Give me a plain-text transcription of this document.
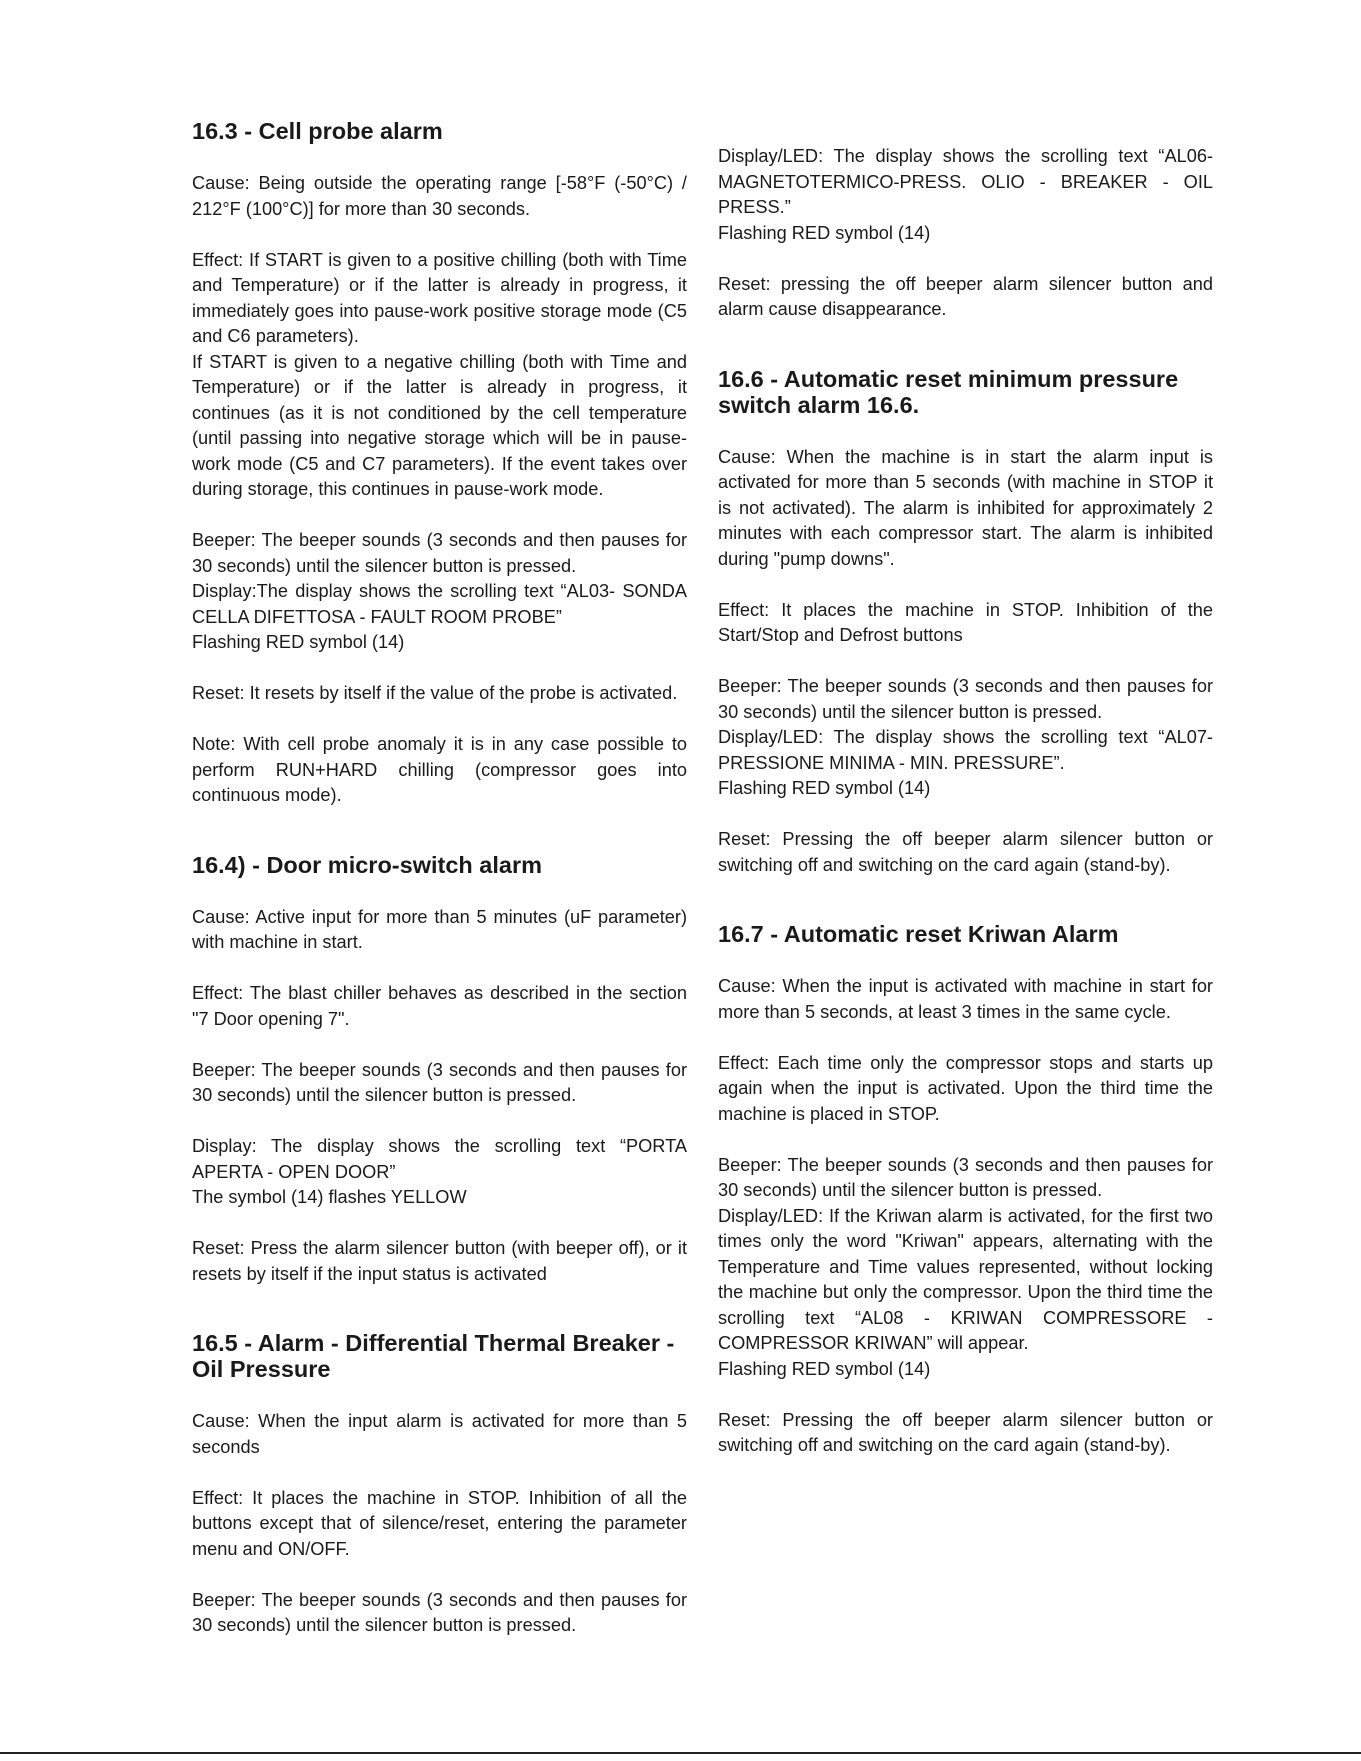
16.3 - Cell probe alarm

Cause: Being outside the operating range [-58°F (-50°C) / 212°F (100°C)] for more than 30 seconds.

Effect: If START is given to a positive chilling (both with Time and Temperature) or if the latter is already in progress, it immediately goes into pause-work positive storage mode (C5 and C6 parameters).

If START is given to a negative chilling (both with Time and Temperature) or if the latter is already in progress, it continues (as it is not conditioned by the cell temperature (until passing into negative storage which will be in pause-work mode (C5 and C7 parameters). If the event takes over during storage, this continues in pause-work mode.

Beeper: The beeper sounds (3 seconds and then pauses for 30 seconds) until the silencer button is pressed.

Display:The display shows the scrolling text “AL03- SONDA CELLA DIFETTOSA - FAULT ROOM PROBE”

Flashing RED symbol (14)

Reset: It resets by itself if the value of the probe is activated.

Note: With cell probe anomaly it is in any case possible to perform RUN+HARD chilling (compressor goes into continuous mode).

16.4) - Door micro-switch alarm

Cause: Active input for more than 5 minutes (uF parameter) with machine in start.

Effect: The blast chiller behaves as described in the section "7 Door opening 7".

Beeper: The beeper sounds (3 seconds and then pauses for 30 seconds) until the silencer button is pressed.

Display: The display shows the scrolling text “PORTA APERTA - OPEN DOOR”

The symbol (14) flashes YELLOW

Reset: Press the alarm silencer button (with beeper off), or it resets by itself if the input status is activated

16.5 - Alarm - Differential Thermal Breaker - Oil Pressure

Cause: When the input alarm is activated for more than 5 seconds

Effect: It places the machine in STOP. Inhibition of all the buttons except that of silence/reset, entering the parameter menu and ON/OFF.

Beeper: The beeper sounds (3 seconds and then pauses for 30 seconds) until the silencer button is pressed.

Display/LED: The display shows the scrolling text “AL06- MAGNETOTERMICO-PRESS. OLIO - BREAKER - OIL PRESS.”

Flashing RED symbol (14)

Reset: pressing the off beeper alarm silencer button and alarm cause disappearance.

16.6 - Automatic reset minimum pressure switch alarm 16.6.

Cause: When the machine is in start the alarm input is activated for more than 5 seconds (with machine in STOP it is not activated). The alarm is inhibited for approximately 2 minutes with each compressor start. The alarm is inhibited during "pump downs".

Effect: It places the machine in STOP. Inhibition of the Start/Stop and Defrost buttons

Beeper: The beeper sounds (3 seconds and then pauses for 30 seconds) until the silencer button is pressed.

Display/LED: The display shows the scrolling text “AL07- PRESSIONE MINIMA - MIN. PRESSURE”.

Flashing RED symbol (14)

Reset: Pressing the off beeper alarm silencer button or switching off and switching on the card again (stand-by).

16.7 - Automatic reset Kriwan Alarm

Cause: When the input is activated with machine in start for more than 5 seconds, at least 3 times in the same cycle.

Effect: Each time only the compressor stops and starts up again when the input is activated. Upon the third time the machine is placed in STOP.

Beeper: The beeper sounds (3 seconds and then pauses for 30 seconds) until the silencer button is pressed.

Display/LED: If the Kriwan alarm is activated, for the first two times only the word "Kriwan" appears, alternating with the Temperature and Time values represented, without locking the machine but only the compressor. Upon the third time the scrolling text “AL08 - KRIWAN COMPRESSORE -COMPRESSOR KRIWAN” will appear.

Flashing RED symbol (14)

Reset: Pressing the off beeper alarm silencer button or switching off and switching on the card again (stand-by).
